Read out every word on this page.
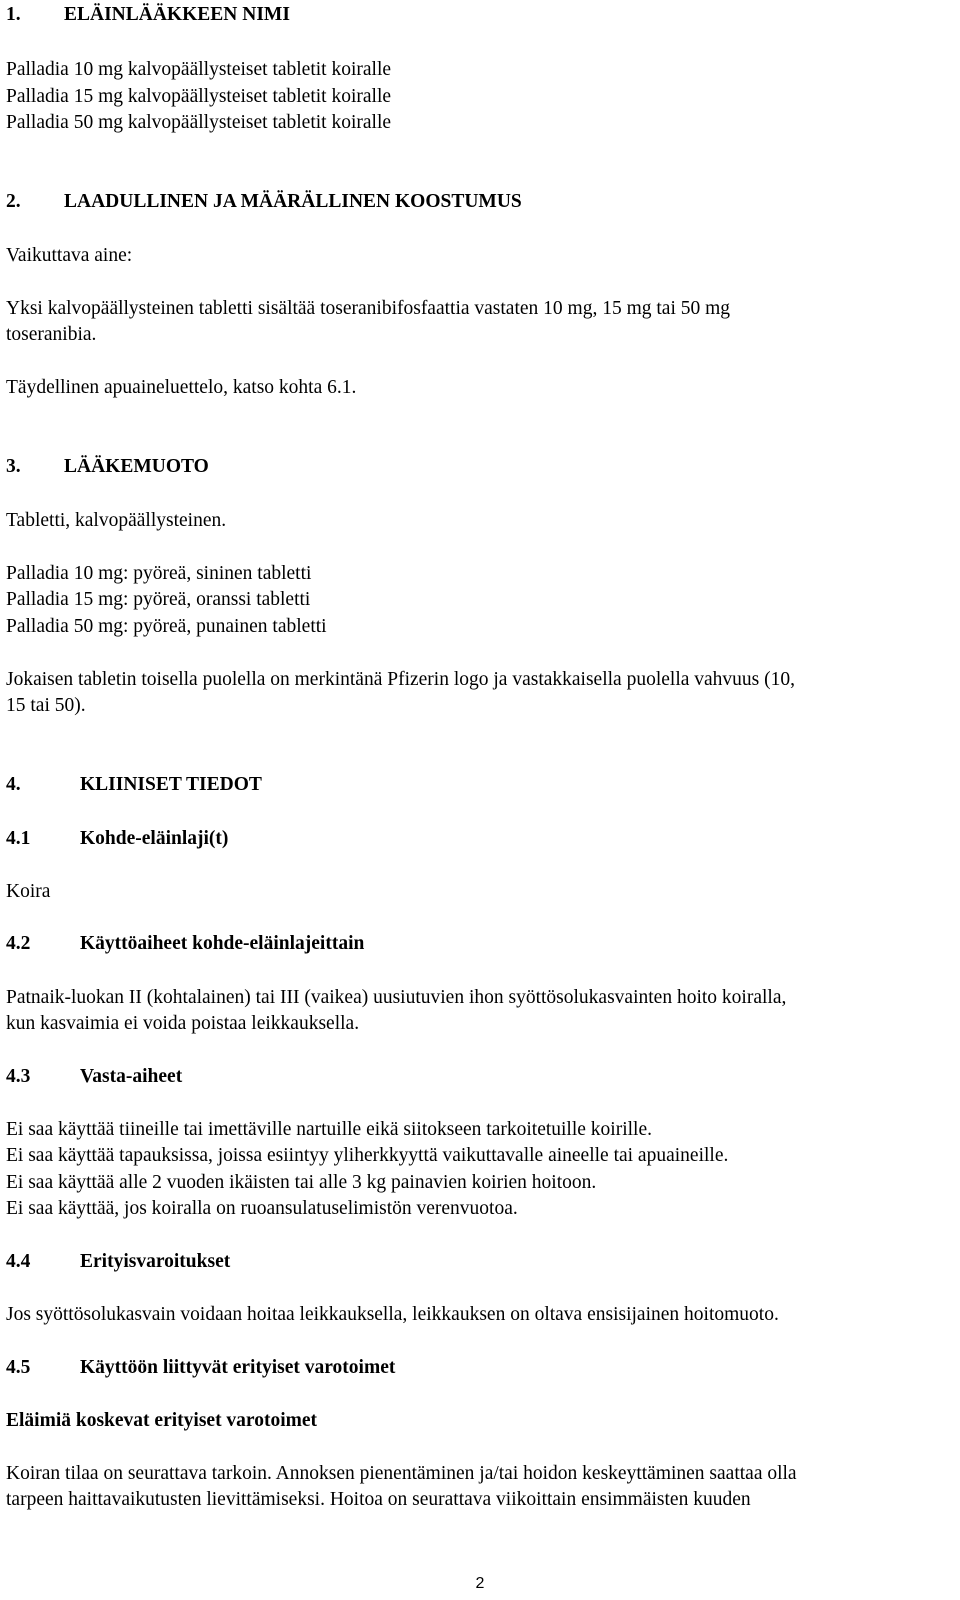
1. ELÄINLÄÄKKEEN NIMI
Palladia 10 mg kalvopäällysteiset tabletit koiralle
Palladia 15 mg kalvopäällysteiset tabletit koiralle
Palladia 50 mg kalvopäällysteiset tabletit koiralle
2. LAADULLINEN JA MÄÄRÄLLINEN KOOSTUMUS
Vaikuttava aine:
Yksi kalvopäällysteinen tabletti sisältää toseranibifosfaattia vastaten 10 mg, 15 mg tai 50 mg
toseranibia.
Täydellinen apuaineluettelo, katso kohta 6.1.
3. LÄÄKEMUOTO
Tabletti, kalvopäällysteinen.
Palladia 10 mg: pyöreä, sininen tabletti
Palladia 15 mg: pyöreä, oranssi tabletti
Palladia 50 mg: pyöreä, punainen tabletti
Jokaisen tabletin toisella puolella on merkintänä Pfizerin logo ja vastakkaisella puolella vahvuus (10,
15 tai 50).
4.	KLIINISET TIEDOT
4.1	Kohde-eläinlaji(t)
Koira
4.2	Käyttöaiheet kohde-eläinlajeittain
Patnaik-luokan II (kohtalainen) tai III (vaikea) uusiutuvien ihon syöttösolukasvainten hoito koiralla,
kun kasvaimia ei voida poistaa leikkauksella.
4.3	Vasta-aiheet
Ei saa käyttää tiineille tai imettäville nartuille eikä siitokseen tarkoitetuille koirille.
Ei saa käyttää tapauksissa, joissa esiintyy yliherkkyyttä vaikuttavalle aineelle tai apuaineille.
Ei saa käyttää alle 2 vuoden ikäisten tai alle 3 kg painavien koirien hoitoon.
Ei saa käyttää, jos koiralla on ruoansulatuselimistön verenvuotoa.
4.4	Erityisvaroitukset
Jos syöttösolukasvain voidaan hoitaa leikkauksella, leikkauksen on oltava ensisijainen hoitomuoto.
4.5	Käyttöön liittyvät erityiset varotoimet
Eläimiä koskevat erityiset varotoimet
Koiran tilaa on seurattava tarkoin. Annoksen pienentäminen ja/tai hoidon keskeyttäminen saattaa olla
tarpeen haittavaikutusten lievittämiseksi. Hoitoa on seurattava viikoittain ensimmäisten kuuden
2
